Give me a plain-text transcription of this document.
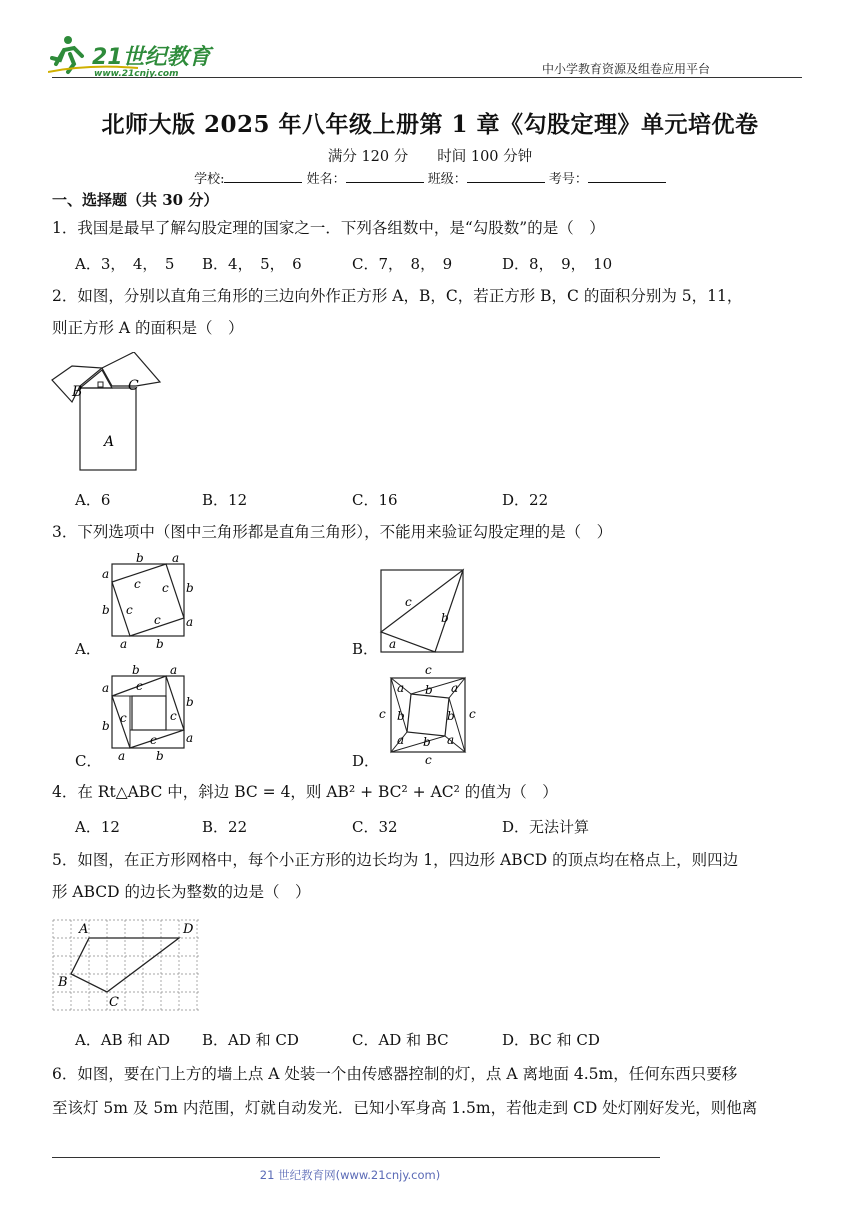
21世纪教育
www.21cnjy.com	中小学教育资源及组卷应用平台
北师大版 2025 年八年级上册第 1 章《勾股定理》单元培优卷
满分 120 分　　时间 100 分钟
学校:	姓名：	班级：	考号：
一、选择题（共 30 分）
1．我国是最早了解勾股定理的国家之一．下列各组数中，是“勾股数”的是（　）
A．3，　4，　5 B．4，　5，　6	C．7，　8，　9	D．8，　9，　10
2．如图，分别以直角三角形的三边向外作正方形 A，B，C，若正方形 B，C 的面积分别为 5，11，
则正方形 A 的面积是（　）
B	C
A
A．6	B．12	C．16	D．22
3．下列选项中（图中三角形都是直角三角形），不能用来验证勾股定理的是（　）
b a
a
b
b
a
a b
c c
c
c
A．
c
b
a
B．
b	a
a
b
b
a
a	b
c
c	c
c
C．
c
c
c	c
a b a
b	b
a b a
D．
4．在 Rt△ABC 中，斜边 BC = 4，则 AB² + BC² + AC² 的值为（　）
A．12	B．22	C．32	D．无法计算
5．如图，在正方形网格中，每个小正方形的边长均为 1，四边形 ABCD 的顶点均在格点上，则四边
形 ABCD 的边长为整数的边是（　）
A	D
B
C
A．AB 和 AD B．AD 和 CD	C．AD 和 BC	D．BC 和 CD
6．如图，要在门上方的墙上点 A 处装一个由传感器控制的灯，点 A 离地面 4.5m，任何东西只要移
至该灯 5m 及 5m 内范围，灯就自动发光．已知小军身高 1.5m，若他走到 CD 处灯刚好发光，则他离
21 世纪教育网(www.21cnjy.com)
